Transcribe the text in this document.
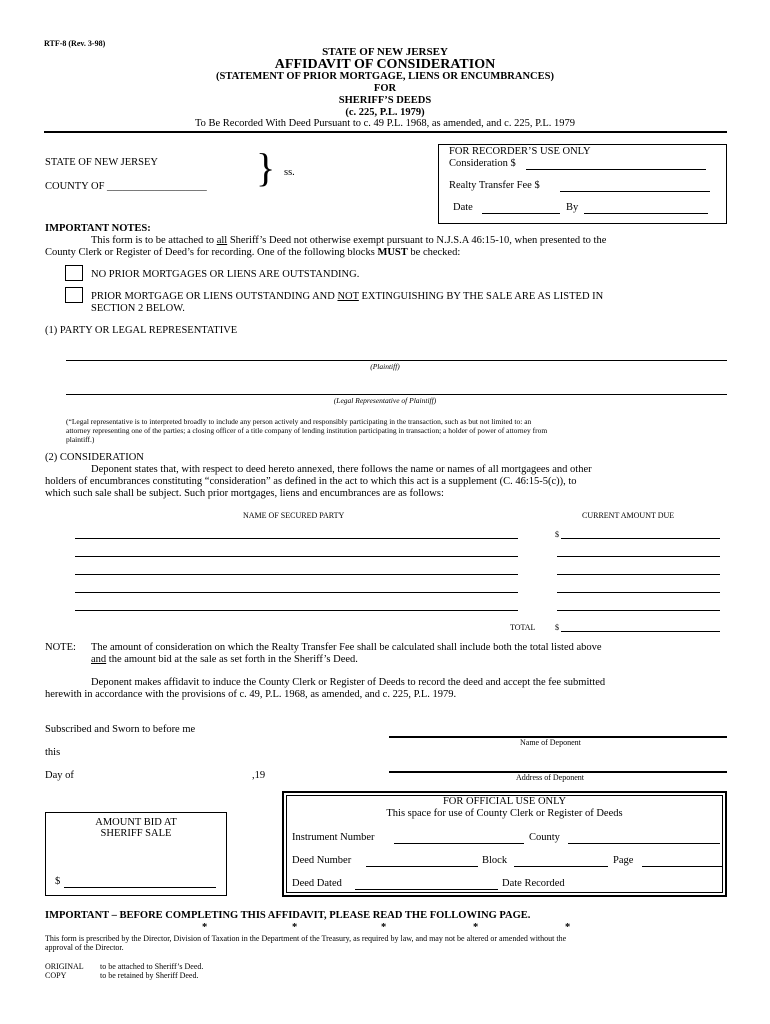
RTF-8 (Rev. 3-98)
STATE OF NEW JERSEY
AFFIDAVIT OF CONSIDERATION
(STATEMENT OF PRIOR MORTGAGE, LIENS OR ENCUMBRANCES)
FOR
SHERIFF’S DEEDS
(c. 225, P.L. 1979)
To Be Recorded With Deed Pursuant to c. 49 P.L. 1968, as amended, and c. 225, P.L. 1979
STATE OF NEW JERSEY
COUNTY OF ___________________ } ss.
FOR RECORDER’S USE ONLY
Consideration $
Realty Transfer Fee $
Date	By
IMPORTANT NOTES:
This form is to be attached to all Sheriff’s Deed not otherwise exempt pursuant to N.J.S.A 46:15-10, when presented to the
County Clerk or Register of Deed’s for recording. One of the following blocks MUST be checked:
NO PRIOR MORTGAGES OR LIENS ARE OUTSTANDING.
PRIOR MORTGAGE OR LIENS OUTSTANDING AND NOT EXTINGUISHING BY THE SALE ARE AS LISTED IN
SECTION 2 BELOW.
(1) PARTY OR LEGAL REPRESENTATIVE
(Plaintiff)
(Legal Representative of Plaintiff)
(“Legal representative is to interpreted broadly to include any person actively and responsibly participating in the transaction, such as but not limited to: an
attorney representing one of the parties; a closing officer of a title company of lending institution participating in transaction; a holder of power of attorney from
plaintiff.)
(2) CONSIDERATION
Deponent states that, with respect to deed hereto annexed, there follows the name or names of all mortgagees and other
holders of encumbrances constituting “consideration” as defined in the act to which this act is a supplement (C. 46:15-5(c)), to
which such sale shall be subject. Such prior mortgages, liens and encumbrances are as follows:
NAME OF SECURED PARTY	CURRENT AMOUNT DUE
$
TOTAL $
NOTE: The amount of consideration on which the Realty Transfer Fee shall be calculated shall include both the total listed above
and the amount bid at the sale as set forth in the Sheriff’s Deed.
Deponent makes affidavit to induce the County Clerk or Register of Deeds to record the deed and accept the fee submitted
herewith in accordance with the provisions of c. 49, P.L. 1968, as amended, and c. 225, P.L. 1979.
Subscribed and Sworn to before me
this
Day of	,19
Name of Deponent
Address of Deponent
AMOUNT BID AT
SHERIFF SALE
$
FOR OFFICIAL USE ONLY
This space for use of County Clerk or Register of Deeds
Instrument Number	County
Deed Number	Block	Page
Deed Dated	Date Recorded
IMPORTANT – BEFORE COMPLETING THIS AFFIDAVIT, PLEASE READ THE FOLLOWING PAGE.
*	*	*	*	*
This form is prescribed by the Director, Division of Taxation in the Department of the Treasury, as required by law, and may not be altered or amended without the
approval of the Director.
ORIGINAL to be attached to Sheriff’s Deed.
COPY	to be retained by Sheriff Deed.
